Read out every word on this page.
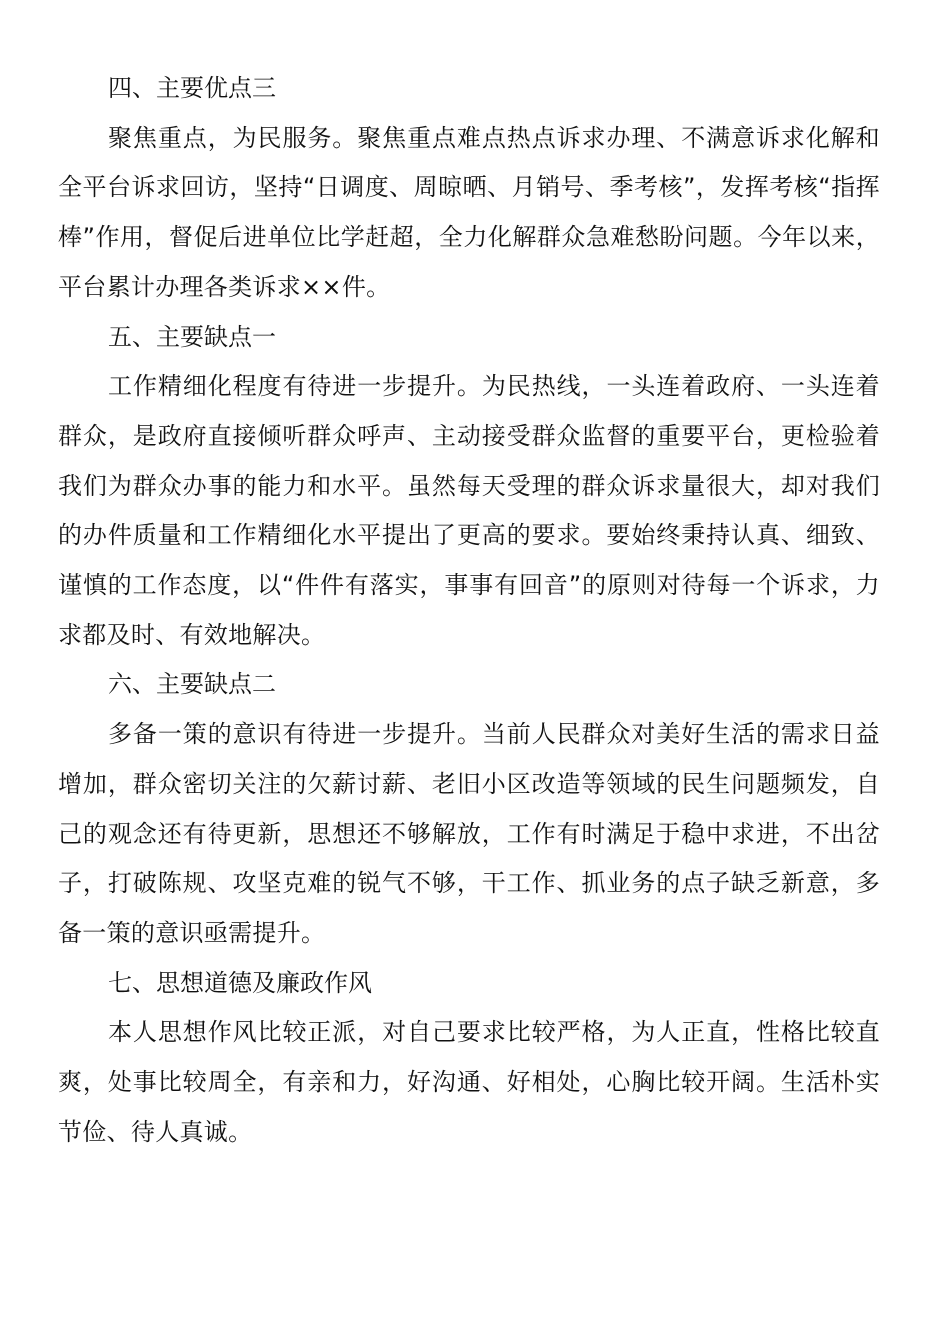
四、主要优点三

聚焦重点，为民服务。聚焦重点难点热点诉求办理、不满意诉求化解和全平台诉求回访，坚持“日调度、周晾晒、月销号、季考核”，发挥考核“指挥棒”作用，督促后进单位比学赶超，全力化解群众急难愁盼问题。今年以来，平台累计办理各类诉求××件。

五、主要缺点一

工作精细化程度有待进一步提升。为民热线，一头连着政府、一头连着群众，是政府直接倾听群众呼声、主动接受群众监督的重要平台，更检验着我们为群众办事的能力和水平。虽然每天受理的群众诉求量很大，却对我们的办件质量和工作精细化水平提出了更高的要求。要始终秉持认真、细致、谨慎的工作态度，以“件件有落实，事事有回音”的原则对待每一个诉求，力求都及时、有效地解决。

六、主要缺点二

多备一策的意识有待进一步提升。当前人民群众对美好生活的需求日益增加，群众密切关注的欠薪讨薪、老旧小区改造等领域的民生问题频发，自己的观念还有待更新，思想还不够解放，工作有时满足于稳中求进，不出岔子，打破陈规、攻坚克难的锐气不够，干工作、抓业务的点子缺乏新意，多备一策的意识亟需提升。

七、思想道德及廉政作风

本人思想作风比较正派，对自己要求比较严格，为人正直，性格比较直爽，处事比较周全，有亲和力，好沟通、好相处，心胸比较开阔。生活朴实节俭、待人真诚。
